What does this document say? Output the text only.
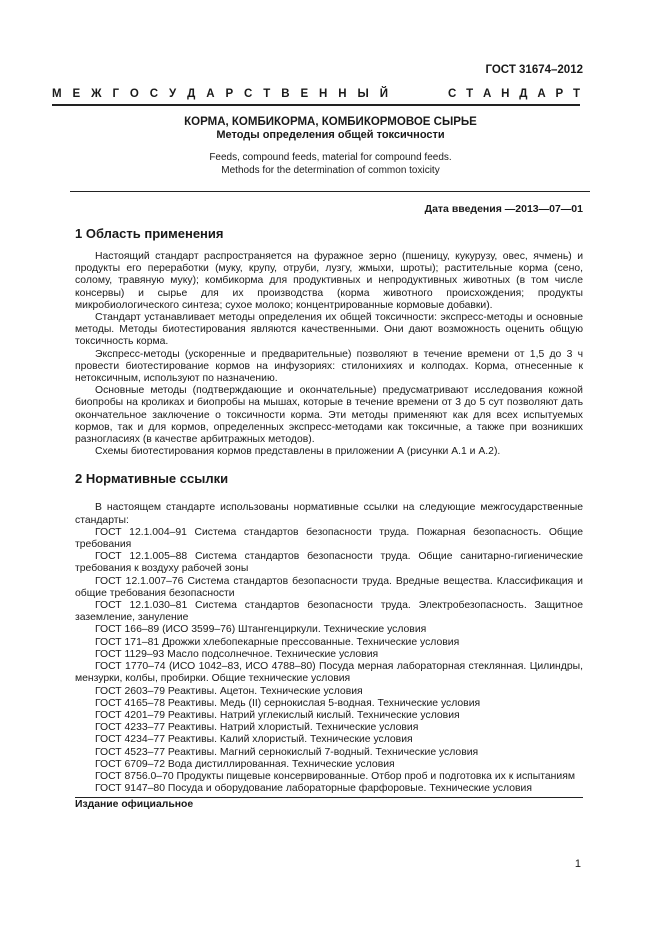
ГОСТ 31674–2012
М Е Ж Г О С У Д А Р С Т В Е Н Н Ы Й	С Т А Н Д А Р Т
КОРМА, КОМБИКОРМА, КОМБИКОРМОВОЕ СЫРЬЕ
Методы определения общей токсичности
Feeds, compound feeds, material for compound feeds.
Methods for the determination of common toxicity
Дата введения —2013—07—01
1 Область применения

Настоящий стандарт распространяется на фуражное зерно (пшеницу, кукурузу, овес, ячмень) и продукты его переработки (муку, крупу, отруби, лузгу, жмыхи, шроты); растительные корма (сено, солому, травяную муку); комбикорма для продуктивных и непродуктивных животных (в том числе консервы) и сырье для их производства (корма животного происхождения; продукты микробиологического синтеза; сухое молоко; концентрированные кормовые добавки).

Стандарт устанавливает методы определения их общей токсичности: экспресс-методы и основные методы. Методы биотестирования являются качественными. Они дают возможность оценить общую токсичность корма.

Экспресс-методы (ускоренные и предварительные) позволяют в течение времени от 1,5 до 3 ч провести биотестирование кормов на инфузориях: стилонихиях и колподах. Корма, отнесенные к нетоксичным, используют по назначению.

Основные методы (подтверждающие и окончательные) предусматривают исследования кожной биопробы на кроликах и биопробы на мышах, которые в течение времени от 3 до 5 сут позволяют дать окончательное заключение о токсичности корма. Эти методы применяют как для всех испытуемых кормов, так и для кормов, определенных экспресс-методами как токсичные, а также при возникших разногласиях (в качестве арбитражных методов).

Схемы биотестирования кормов представлены в приложении А (рисунки А.1 и А.2).

2 Нормативные ссылки

В настоящем стандарте использованы нормативные ссылки на следующие межгосударственные стандарты:

ГОСТ 12.1.004–91 Система стандартов безопасности труда. Пожарная безопасность. Общие требования

ГОСТ 12.1.005–88 Система стандартов безопасности труда. Общие санитарно-гигиенические требования к воздуху рабочей зоны

ГОСТ 12.1.007–76 Система стандартов безопасности труда. Вредные вещества. Классификация и общие требования безопасности

ГОСТ 12.1.030–81 Система стандартов безопасности труда. Электробезопасность. Защитное заземление, зануление

ГОСТ 166–89 (ИСО 3599–76) Штангенциркули. Технические условия

ГОСТ 171–81 Дрожжи хлебопекарные прессованные. Технические условия

ГОСТ 1129–93 Масло подсолнечное. Технические условия

ГОСТ 1770–74 (ИСО 1042–83, ИСО 4788–80) Посуда мерная лабораторная стеклянная. Цилиндры, мензурки, колбы, пробирки. Общие технические условия

ГОСТ 2603–79 Реактивы. Ацетон. Технические условия

ГОСТ 4165–78 Реактивы. Медь (II) сернокислая 5-водная. Технические условия

ГОСТ 4201–79 Реактивы. Натрий углекислый кислый. Технические условия

ГОСТ 4233–77 Реактивы. Натрий хлористый. Технические условия

ГОСТ 4234–77 Реактивы. Калий хлористый. Технические условия

ГОСТ 4523–77 Реактивы. Магний сернокислый 7-водный. Технические условия

ГОСТ 6709–72 Вода дистиллированная. Технические условия

ГОСТ 8756.0–70 Продукты пищевые консервированные. Отбор проб и подготовка их к испытаниям

ГОСТ 9147–80 Посуда и оборудование лабораторные фарфоровые. Технические условия

Издание официальное
1
